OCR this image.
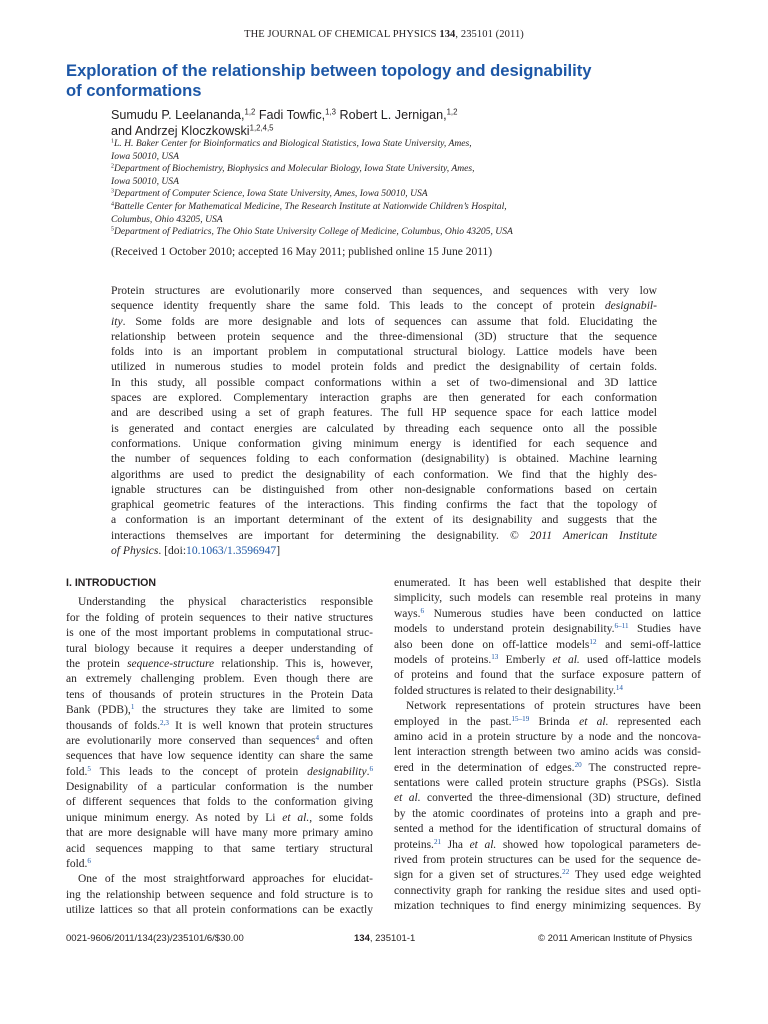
THE JOURNAL OF CHEMICAL PHYSICS 134, 235101 (2011)
Exploration of the relationship between topology and designability
of conformations
Sumudu P. Leelananda,$^{1,2}$ Fadi Towfic,$^{1,3}$ Robert L. Jernigan,$^{1,2}$
and Andrzej Kloczkowski$^{1,2,4,5}$
$^1$L. H. Baker Center for Bioinformatics and Biological Statistics, Iowa State University, Ames,
Iowa 50010, USA
$^2$Department of Biochemistry, Biophysics and Molecular Biology, Iowa State University, Ames,
Iowa 50010, USA
$^3$Department of Computer Science, Iowa State University, Ames, Iowa 50010, USA
$^4$Battelle Center for Mathematical Medicine, The Research Institute at Nationwide Children’s Hospital,
Columbus, Ohio 43205, USA
$^5$Department of Pediatrics, The Ohio State University College of Medicine, Columbus, Ohio 43205, USA
(Received 1 October 2010; accepted 16 May 2011; published online 15 June 2011)
Protein structures are evolutionarily more conserved than sequences, and sequences with very low
sequence identity frequently share the same fold. This leads to the concept of protein designabil-
ity. Some folds are more designable and lots of sequences can assume that fold. Elucidating the
relationship between protein sequence and the three-dimensional (3D) structure that the sequence
folds into is an important problem in computational structural biology. Lattice models have been
utilized in numerous studies to model protein folds and predict the designability of certain folds.
In this study, all possible compact conformations within a set of two-dimensional and 3D lattice
spaces are explored. Complementary interaction graphs are then generated for each conformation
and are described using a set of graph features. The full HP sequence space for each lattice model
is generated and contact energies are calculated by threading each sequence onto all the possible
conformations. Unique conformation giving minimum energy is identified for each sequence and
the number of sequences folding to each conformation (designability) is obtained. Machine learning
algorithms are used to predict the designability of each conformation. We find that the highly des-
ignable structures can be distinguished from other non-designable conformations based on certain
graphical geometric features of the interactions. This finding confirms the fact that the topology of
a conformation is an important determinant of the extent of its designability and suggests that the
interactions themselves are important for determining the designability. © 2011 American Institute
of Physics. [doi:10.1063/1.3596947]
I. INTRODUCTION
Understanding the physical characteristics responsible
for the folding of protein sequences to their native structures
is one of the most important problems in computational struc-
tural biology because it requires a deeper understanding of
the protein sequence-structure relationship. This is, however,
an extremely challenging problem. Even though there are
tens of thousands of protein structures in the Protein Data
Bank (PDB),$^1$ the structures they take are limited to some
thousands of folds.$^{2,3}$ It is well known that protein structures
are evolutionarily more conserved than sequences$^4$ and often
sequences that have low sequence identity can share the same
fold.$^5$ This leads to the concept of protein designability.$^6$
Designability of a particular conformation is the number
of different sequences that folds to the conformation giving
unique minimum energy. As noted by Li et al., some folds
that are more designable will have many more primary amino
acid sequences mapping to that same tertiary structural
fold.$^6$
One of the most straightforward approaches for elucidat-
ing the relationship between sequence and fold structure is to
utilize lattices so that all protein conformations can be exactly
enumerated. It has been well established that despite their
simplicity, such models can resemble real proteins in many
ways.$^6$ Numerous studies have been conducted on lattice
models to understand protein designability.$^{6-11}$ Studies have
also been done on off-lattice models$^{12}$ and semi-off-lattice
models of proteins.$^{13}$ Emberly et al. used off-lattice models
of proteins and found that the surface exposure pattern of
folded structures is related to their designability.$^{14}$
Network representations of protein structures have been
employed in the past.$^{15-19}$ Brinda et al. represented each
amino acid in a protein structure by a node and the noncova-
lent interaction strength between two amino acids was consid-
ered in the determination of edges.$^{20}$ The constructed repre-
sentations were called protein structure graphs (PSGs). Sistla
et al. converted the three-dimensional (3D) structure, defined
by the atomic coordinates of proteins into a graph and pre-
sented a method for the identification of structural domains of
proteins.$^{21}$ Jha et al. showed how topological parameters de-
rived from protein structures can be used for the sequence de-
sign for a given set of structures.$^{22}$ They used edge weighted
connectivity graph for ranking the residue sites and used opti-
mization techniques to find energy minimizing sequences. By
0021-9606/2011/134(23)/235101/6/$30.00	134, 235101-1	© 2011 American Institute of Physics
